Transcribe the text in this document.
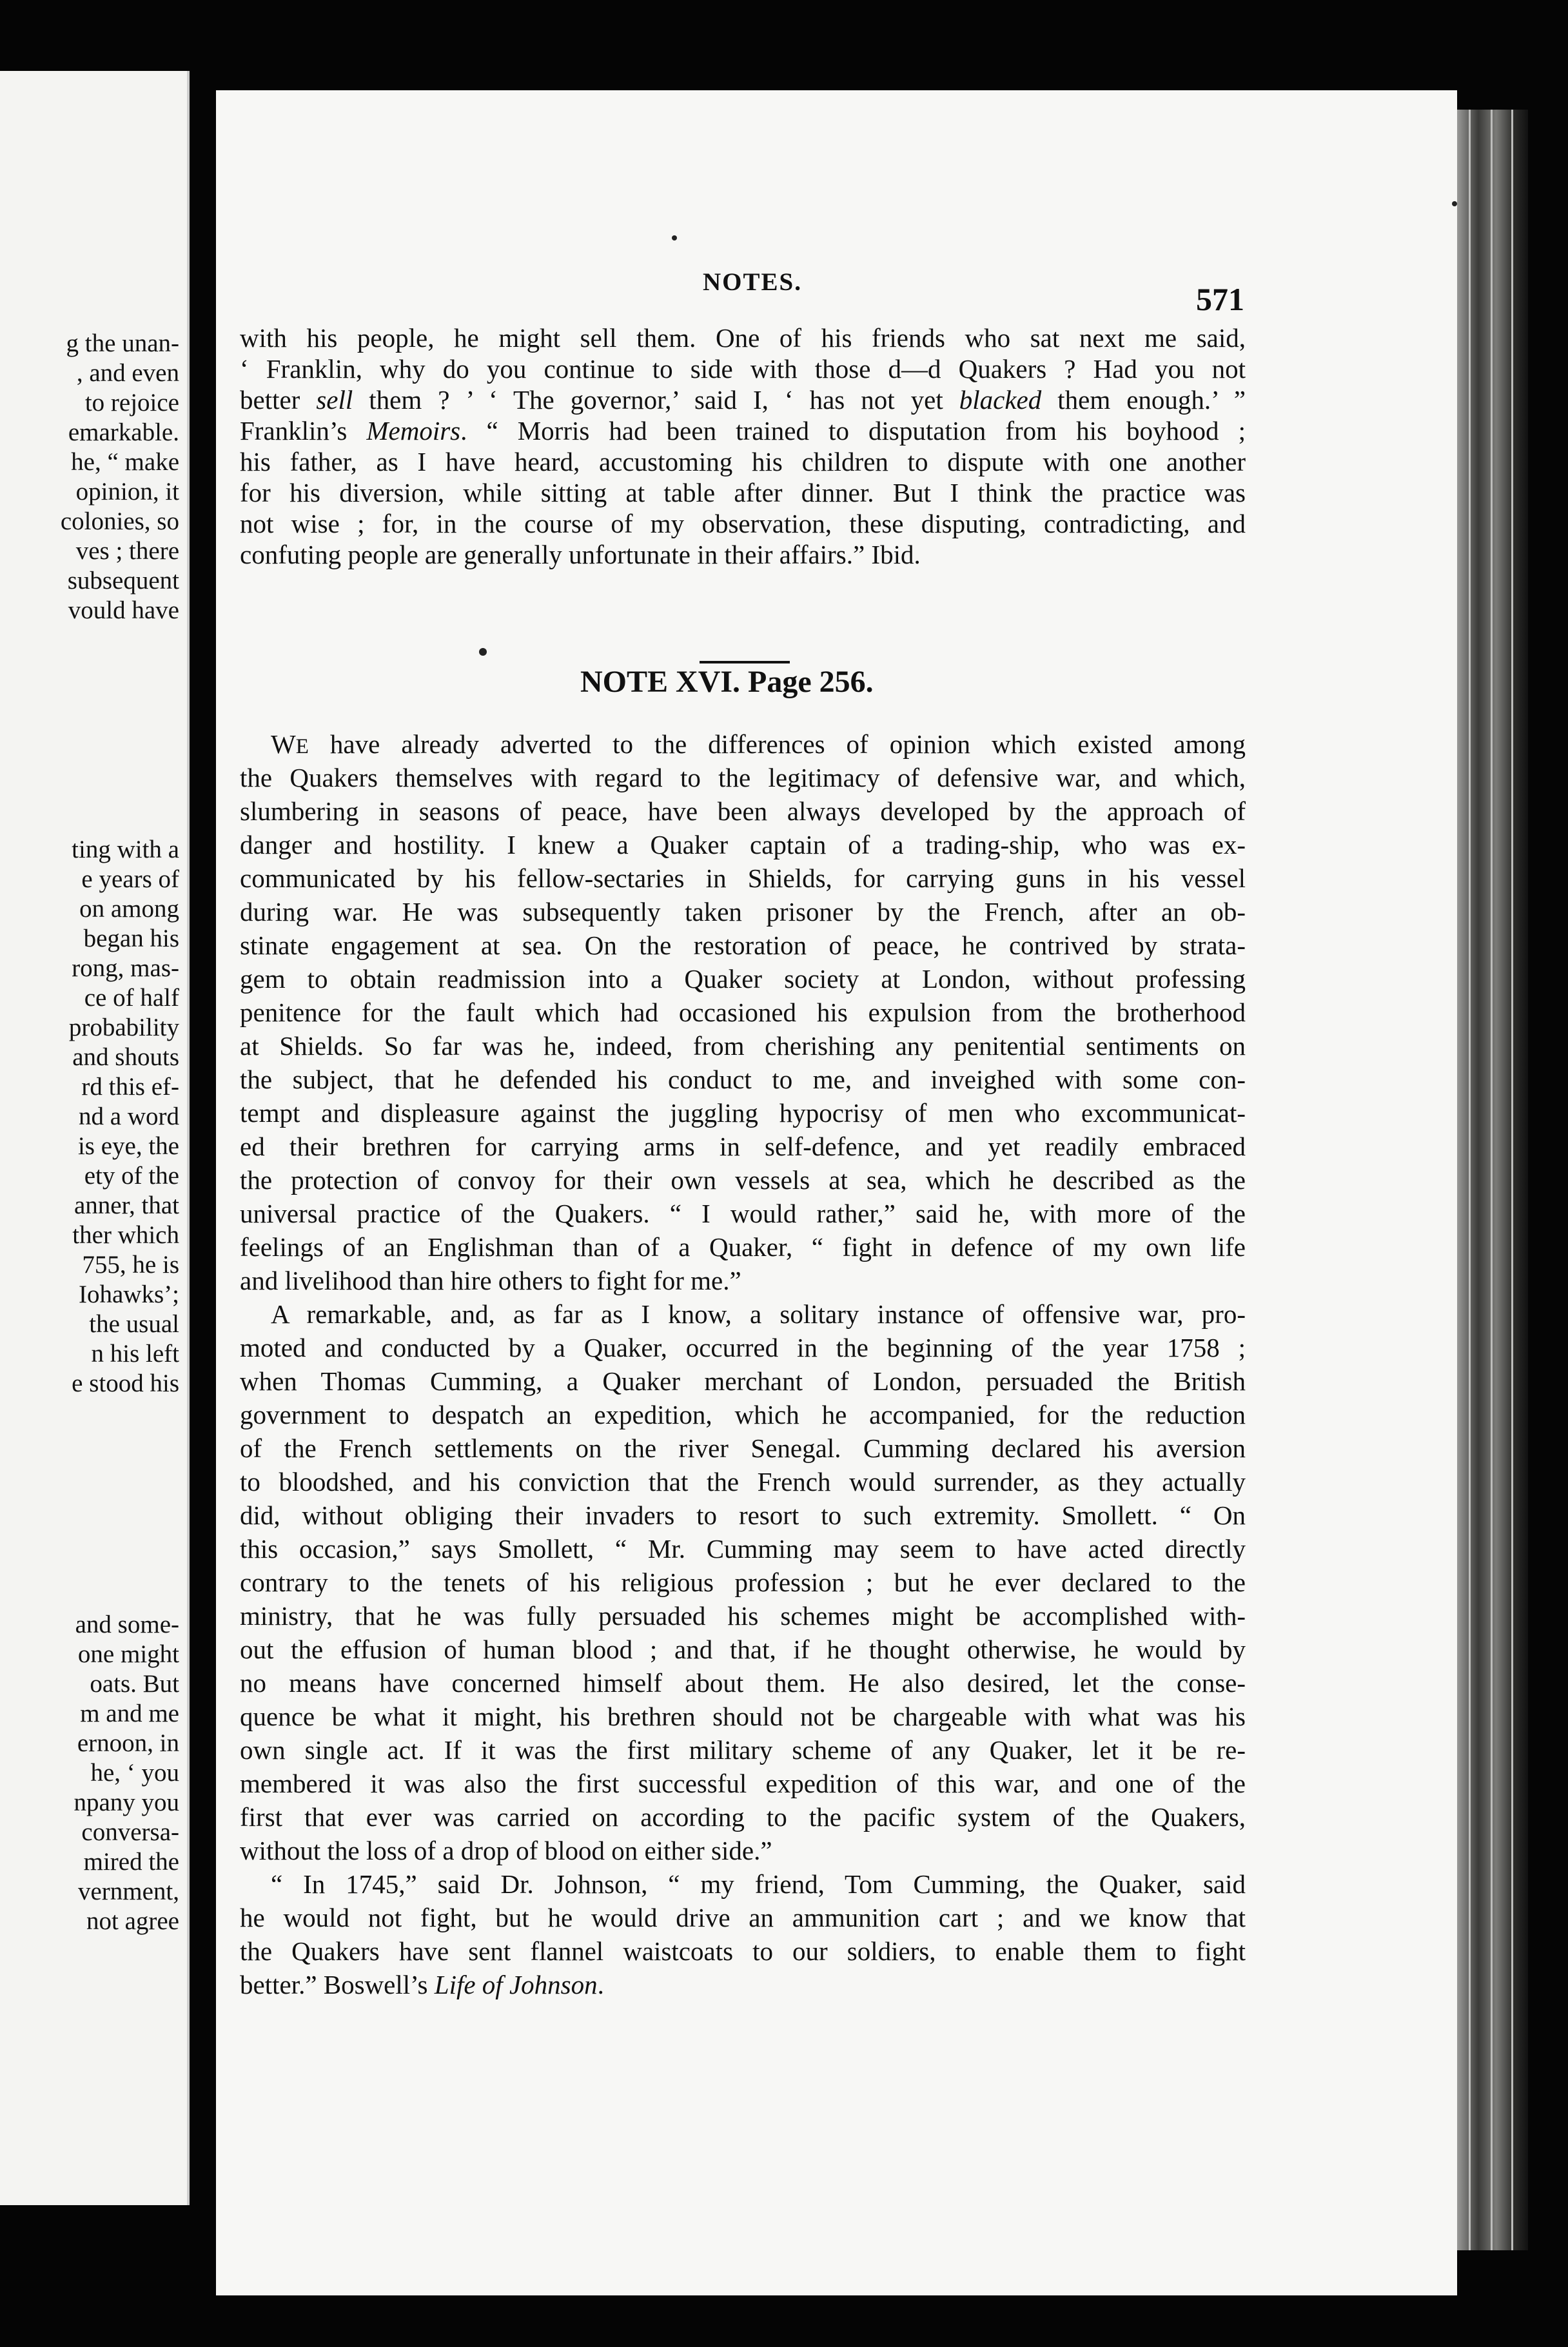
g the unan-
, and even
to rejoice
emarkable.
he, “ make
opinion, it
colonies, so
ves ; there
subsequent
vould have
ting with a
e years of
on among
began his
rong, mas-
ce of half
probability
and shouts
rd this ef-
nd a word
is eye, the
ety of the
anner, that
ther which
755, he is
Iohawks’;
the usual
n his left
e stood his
and some-
one might
oats. But
m and me
ernoon, in
he, ‘ you
npany you
conversa-
mired the
vernment,
not agree
NOTES.	571
with his people, he might sell them. One of his friends who sat next me said,
‘ Franklin, why do you continue to side with those d—d Quakers ? Had you not
better sell them ? ’ ‘ The governor,’ said I, ‘ has not yet blacked them enough.’ ”
Franklin’s Memoirs. “ Morris had been trained to disputation from his boyhood ;
his father, as I have heard, accustoming his children to dispute with one another
for his diversion, while sitting at table after dinner. But I think the practice was
not wise ; for, in the course of my observation, these disputing, contradicting, and
confuting people are generally unfortunate in their affairs.” Ibid.
NOTE XVI. Page 256.
WE have already adverted to the differences of opinion which existed among
the Quakers themselves with regard to the legitimacy of defensive war, and which,
slumbering in seasons of peace, have been always developed by the approach of
danger and hostility. I knew a Quaker captain of a trading-ship, who was ex-
communicated by his fellow-sectaries in Shields, for carrying guns in his vessel
during war. He was subsequently taken prisoner by the French, after an ob-
stinate engagement at sea. On the restoration of peace, he contrived by strata-
gem to obtain readmission into a Quaker society at London, without professing
penitence for the fault which had occasioned his expulsion from the brotherhood
at Shields. So far was he, indeed, from cherishing any penitential sentiments on
the subject, that he defended his conduct to me, and inveighed with some con-
tempt and displeasure against the juggling hypocrisy of men who excommunicat-
ed their brethren for carrying arms in self-defence, and yet readily embraced
the protection of convoy for their own vessels at sea, which he described as the
universal practice of the Quakers. “ I would rather,” said he, with more of the
feelings of an Englishman than of a Quaker, “ fight in defence of my own life
and livelihood than hire others to fight for me.”
A remarkable, and, as far as I know, a solitary instance of offensive war, pro-
moted and conducted by a Quaker, occurred in the beginning of the year 1758 ;
when Thomas Cumming, a Quaker merchant of London, persuaded the British
government to despatch an expedition, which he accompanied, for the reduction
of the French settlements on the river Senegal. Cumming declared his aversion
to bloodshed, and his conviction that the French would surrender, as they actually
did, without obliging their invaders to resort to such extremity. Smollett. “ On
this occasion,” says Smollett, “ Mr. Cumming may seem to have acted directly
contrary to the tenets of his religious profession ; but he ever declared to the
ministry, that he was fully persuaded his schemes might be accomplished with-
out the effusion of human blood ; and that, if he thought otherwise, he would by
no means have concerned himself about them. He also desired, let the conse-
quence be what it might, his brethren should not be chargeable with what was his
own single act. If it was the first military scheme of any Quaker, let it be re-
membered it was also the first successful expedition of this war, and one of the
first that ever was carried on according to the pacific system of the Quakers,
without the loss of a drop of blood on either side.”
“ In 1745,” said Dr. Johnson, “ my friend, Tom Cumming, the Quaker, said
he would not fight, but he would drive an ammunition cart ; and we know that
the Quakers have sent flannel waistcoats to our soldiers, to enable them to fight
better.” Boswell’s Life of Johnson.
